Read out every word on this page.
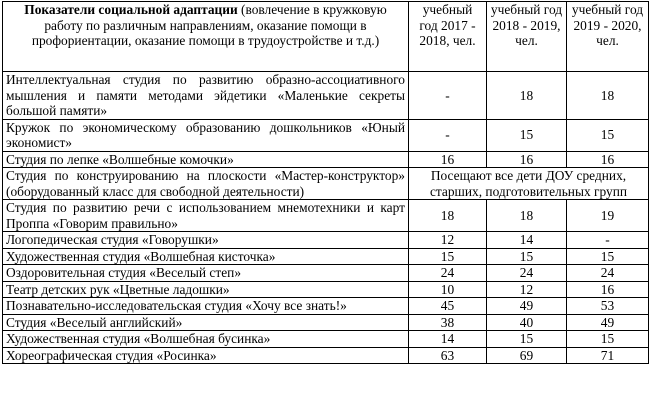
Показатели социальной адаптации (вовлечение в кружковую работу по различным направлениям, оказание помощи в профориентации, оказание помощи в трудоустройстве и т.д.)	учебный год 2017 - 2018, чел.	учебный год 2018 - 2019, чел.	учебный год 2019 - 2020, чел.
Интеллектуальная студия по развитию образно-ассоциативного мышления и памяти методами эйдетики «Маленькие секреты большой памяти»	-	18	18
Кружок по экономическому образованию дошкольников «Юный экономист»	-	15	15
Студия по лепке «Волшебные комочки»	16	16	16
Студия по конструированию на плоскости «Мастер-конструктор» (оборудованный класс для свободной деятельности)	Посещают все дети ДОУ средних, старших, подготовительных групп		
Студия по развитию речи с использованием мнемотехники и карт Проппа «Говорим правильно»	18	18	19
Логопедическая студия «Говорушки»	12	14	-
Художественная студия «Волшебная кисточка»	15	15	15
Оздоровительная студия «Веселый степ»	24	24	24
Театр детских рук «Цветные ладошки»	10	12	16
Познавательно-исследовательская студия «Хочу все знать!»	45	49	53
Студия «Веселый английский»	38	40	49
Художественная студия «Волшебная бусинка»	14	15	15
Хореографическая студия «Росинка»	63	69	71
